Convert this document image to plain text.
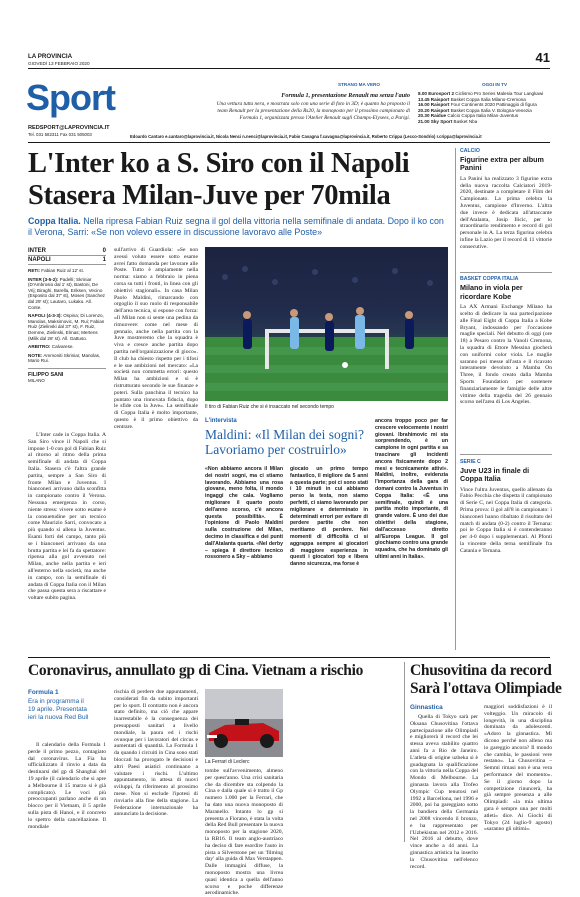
LA PROVINCIA
GIOVEDÌ 13 FEBBRAIO 2020	41
Sport
REDSPORT@LAPROVINCIA.IT
Tel. 031 582311 Fax 031 505003
STRANO MA VERO
Formula 1, presentazione Renault ma senza l'auto
Una vettura tutta nera, e mostrata solo con una serie di foto in 3D; è quanto ha proposto il team Renault per la presentazione della Rs20, la monoposto per il prossimo campionato di Formula 1, organizzata presso l'Atelier Renault sugli Champs-Elysees, a Parigi.
OGGI IN TV
8.00 Eurosport 2 Ciclismo Pro Series Malesia Tour Langkawi
13.45 Raisport Basket Coppa Italia Milano-Cremona
16.00 Raisport Four Continents 2020 Pattinaggio di figura
20.20 Raisport Basket Coppa Italia V. Bologna-Venezia
20.30 Raidue Calcio Coppa Italia Milan-Juventus
21.00 Sky Sport Basket Nba
Edoardo Cantaro e.cantaro@laprovincia.it, Nicola Nenci n.nenci@laprovincia.it, Fabio Cavagna f.cavagna@laprovincia.it, Roberto Crippa (Lecco-Sondrio) r.crippa@laprovincia.it
L'Inter ko a S. Siro con il Napoli
Stasera Milan-Juve per 70mila
Coppa Italia. Nella ripresa Fabian Ruiz segna il gol della vittoria nella semifinale di andata. Dopo il ko con il Verona, Sarri: «Se non volevo essere in discussione lavoravo alle Poste»
INTER	0
NAPOLI	1
RETI: Fabian Ruiz al 12' st.
INTER (3-5-2): Padelli; Skriniar (D'Ambrosio dal 1' st), Bastoni, De Vrij; Biraghi, Barella, Eriksen, Vecino (Esposito dal 37' st), Moses (Sanchez dal 29' st); Lautaro, Lukaku. All. Conte.
NAPOLI (4-3-3): Ospina; Di Lorenzo, Manolas, Maksimovic, M. Rui; Fabian Ruiz (Zielinski dal 37' st), F. Ruiz, Demme, Zielinski, Elmas; Mertens (Milik dal 28' st). All. Gattuso.
ARBITRO: Calvarese.
NOTE: Ammoniti Skriniar, Manolas, Mario Rui.
FILIPPO SANI
MILANO
L'Inter cade in Coppa Italia. A San Siro vince il Napoli che si impone 1-0 con gol di Fabian Ruiz al ritorno al ritmo della prima semifinale di andata di Coppa Italia. Stasera c'è l'altra grande partita, sempre a San Siro di fronte Milan e Juventus. I bianconeri arrivano dalla sconfitta in campionato contro il Verona. Nessuna emergenza in corso, niente stress: vivere sotto esame è la consuetudine per un tecnico come Maurizio Sarri, convocato a più quando si allena la Juventus. Esami forti del campo, tanto più se i bianconeri arrivano da una brutta partita e lei fa da spettatore: ripensa alla gol avvenuto nel Milan, anche nella partita e ieri all'esterno nella società, ma anche in campo, con la semifinale di andata di Coppa Italia con il Milan che passa questa sera a riscattare e voltare subito pagina.
sull'arrivo di Guardiola: «Se non avessi voluto essere sotto esame avrei fatto domanda per lavorare alle Poste. Tutto è ampiamente nella norma: siamo a febbraio in piena corsa su tutti i fronti, in linea con gli obiettivi stagionali». In casa Milan Paolo Maldini, rimarcando con orgoglio il suo ruolo di responsabile dell'area tecnica, si espone con forza: «Il Milan non si sente una pedina da rimuovere: come nel mese di gennaio, anche nella partita con la Juve mostreremo che la squadra è viva e cresce anche partita dopo partita nell'organizzazione di gioco». Il club ha chiesto rispetto per i tifosi e le sue ambizioni nel mercato: «La società non commetta errori: questo Milan ha ambizioni e si è ristrutturato secondo le sue finanze e poteri. Sulla panchina il tecnico ha puntato una rinnovata fiducia, dopo le sfide con la Juve». La semifinale di Coppa Italia è molto importante, questo è il primo obiettivo da centrare.
Il tiro di Fabian Ruiz che si è insaccato nel secondo tempo
L'intervista
Maldini: «Il Milan dei sogni? Lavoriamo per costruirlo»
«Non abbiamo ancora il Milan dei nostri sogni, ma ci stiamo lavorando. Abbiamo una rosa giovane, meno folta, il mondo ingaggi che cala. Vogliamo migliorare il quarto posto dell'anno scorso, c'è ancora questa possibilità». È l'opinione di Paolo Maldini sulla costruzione del Milan, decimo in classifica e dei punti dall'Atalanta quarta. «Nel derby – spiega il direttore tecnico rossonero a Sky – abbiamo
giocato un primo tempo fantastico, il migliore da 5 anni a questa parte; poi ci sono stati i 10 minuti in cui abbiamo perso la testa, non siamo perfetti, ci siamo lavorando per migliorare e determinato in determinati errori per evitare di perdere partite che non meritiamo di perdere. Nei momenti di difficoltà ci si aggrappa sempre ai giocatori di maggiore esperienza in questi i giocatori top e libera danno sicurezza, ma forse è
ancora troppo poco per far crescere velocemente i nostri giovani. Ibrahimovic mi sta sorprendendo, è un campione in ogni partita e sa trascinare gli incidenti ancora fisicamente dopo 2 mesi e tecnicamente attivi». Maldini, inoltre, evidenzia l'importanza della gara di domani contro la Juventus in Coppa Italia: «È una semifinale, quindi è una partita molto importante, di grande valore. È uno dei due obiettivi della stagione, dall'accesso diretto all'Europa League. Il gol giochiamo contro una grande squadra, che ha dominato gli ultimi anni in Italia».
CALCIO
Figurine extra per album Panini
La Panini ha realizzato 3 figurine extra della nuova raccolta Calciatori 2019-2020, destinate a completare il Film del Campionato. La prima celebra la Juventus, campione d'Inverno. L'altra due invece è dedicata all'attaccante dell'Atalanta, Josip Ilicic, per lo straordinario rendimento e record di gol personale in A. La terza figurina celebra infine la Lazio per il record di 11 vittorie consecutive.
BASKET COPPA ITALIA
Milano in viola per ricordare Kobe
La AX Armani Exchange Milano ha scelto di dedicare la sua partecipazione alle Final Eight di Coppa Italia a Kobe Bryant, indossando per l'occasione maglie speciali. Nel debutto di oggi (ore 18) a Pesaro contro la Vanoli Cremona, la squadra di Ettore Messina giocherà con uniformi color viola. Le maglie saranno poi messe all'asta e il ricavato interamente devoluto a Mamba On Three, il fondo creato dalla Mamba Sports Foundation per sostenere finanziariamente le famiglie delle altre vittime della tragedia del 26 gennaio scorso nell'area di Los Angeles.
SERIE C
Juve U23 in finale di Coppa Italia
Vince l'ultra Juventus, quello allenato da Fabio Pecchia che dispetta il campionato di Serie C, nel Coppa Italia di categoria. Prima prova: il gol all'8 in campionato: i bianconeri hanno ribaltato il risultato del match di andata (0-2) contro il Ternana: poi le Coppa Italia si è contenderanno per 4-0 dopo i supplementari. Al Pfonti la vincente della terna semifinale fra Catania e Ternana.
Coronavirus, annullato gp di Cina. Vietnam a rischio
Formula 1
Era in programma il 19 aprile. Presentata ieri la nuova Red Bull
Il calendario della Formula 1 perde il primo pezzo, contagiato dal coronavirus. La Fia ha ufficializzato il rinvio a data da destinarsi del gp di Shanghai del 19 aprile (il calendario che si apre a Melbourne il 15 marzo si è già complicato). Le voci più preoccupanti parlano anche di un blocco per il Vietnam, il 5 aprile sulla pista di Hanoi, e il concreto lo spettro della cancellazione. Il mondiale
rischia di perdere due appuntamenti, considerati fin da subito importanti per lo sport. Il contratto non è ancora stato definito, ma ciò che appare inarrestabile è la conseguenza dei presupposti sanitari a livello mondiale, la paura ed i rischi ovunque per i lavoratori del circus e aumentati di quantità. La Formula 1 da quando i circuiti in Cina sono stati bloccati ha prorogato le decisioni e altri Paesi asiatici continuano a valutare i rischi. L'ultimo appuntamento, in attesa di nuovi sviluppi, fa riferimento al prossimo mese. Non si esclude l'ipotesi di rinviarlo alla fine della stagione. La Federazione internazionale ha annunciato la decisione.
La Ferrari di Leclerc
tombe sull'avvenimento, almeno per quest'anno. Una crisi sanitaria che da dicembre sta colpendo la Cina e dalla quale si è tratto il Gp numero 1.000 per la Ferrari, che ha dato una nuova monoposto di Maranello. Intanto lo gp si presenta a Fiorano, è stata la volta della Red Bull presentare la nuova monoposto per la stagione 2020, la RB16. Il team anglo-austriaco ha deciso di fare esordire l'auto in pista a Silverstone per un 'filming day' alla guida di Max Verstappen. Dalle immagini diffuse, la monoposto mostra una livrea quasi identica a quella dell'anno scorso e poche differenze aerodinamiche.
Chusovitina da record
Sarà l'ottava Olimpiade
Ginnastica
Quella di Tokyo sarà per Oksana Chusovitina l'ottava partecipazione alle Olimpiadi e migliorerà il record che lei stessa aveva stabilito quattro anni fa a Rio de Janeiro. L'atleta di origine uzbeka si è guadagnata la qualificazione con la vittoria nella Coppa del Mondo di Melbourne. La ginnasta lavora alla Trofeo Olympic Cup tenutosi nel 1992 a Barcellona, nel 1996 e 2000, poi ha gareggiato sotto la bandiera della Germania nel 2008 vincendo il bronzo, e ha rappresentato per l'Uzbekistan nel 2012 e 2016. Nel 2016 al debutto, dove vince anche a 44 anni. La ginnastica artistica ha inserito la Chusovitina nell'elenco record.
maggiori soddisfazioni è il volteggio. Un miracolo di longevità, in una disciplina dominata da adolescenti. «Adoro la ginnastica. Mi dicono perché non alleno ma io gareggio ancora? Il mondo che cambia, le passioni vere restano». La Chusovitina – Semmi rimasi non è una vera performance del momento». Se il giorno dopo la competizione rinuncerà, ha già sempre presenza a alle Olimpiadi: «la mia ultima gara è sempre una per molti atleti» dice. Ai Giochi di Tokyo (24 luglio-9 agosto) «saranno gli ultimi».
